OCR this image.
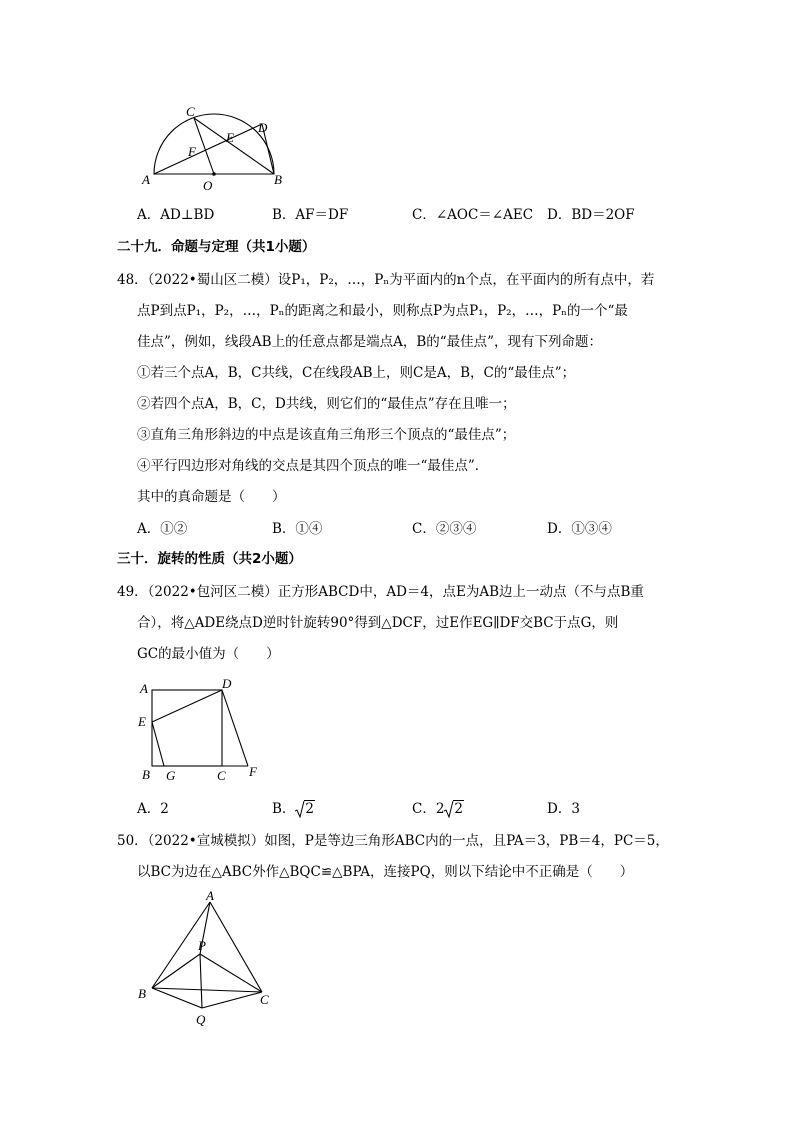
C
D
E
F
A	O	B
A．AD⊥BD	B．AF＝DF	C．∠AOC＝∠AEC D．BD＝2OF
二十九．命题与定理（共1小题）
48．（2022•蜀山区二模）设P₁，P₂，…，Pₙ为平面内的n个点，在平面内的所有点中，若
点P到点P₁，P₂，…，Pₙ的距离之和最小，则称点P为点P₁，P₂，…，Pₙ的一个“最
佳点”，例如，线段AB上的任意点都是端点A，B的“最佳点”，现有下列命题：
①若三个点A，B，C共线，C在线段AB上，则C是A，B，C的“最佳点”；
②若四个点A，B，C，D共线，则它们的“最佳点”存在且唯一；
③直角三角形斜边的中点是该直角三角形三个顶点的“最佳点”；
④平行四边形对角线的交点是其四个顶点的唯一“最佳点”．
其中的真命题是（　　）
A．①②	B．①④	C．②③④	D．①③④
三十．旋转的性质（共2小题）
49．（2022•包河区二模）正方形ABCD中，AD＝4，点E为AB边上一动点（不与点B重
合），将△ADE绕点D逆时针旋转90°得到△DCF，过E作EG∥DF交BC于点G，则
GC的最小值为（　　）
A	D
E
B G	C F
A．2	B． 2	C．2 2	D．3
50．（2022•宣城模拟）如图，P是等边三角形ABC内的一点，且PA＝3，PB＝4，PC＝5，
以BC为边在△ABC外作△BQC≌△BPA，连接PQ，则以下结论中不正确是（　　）
A
P
B	C
Q
